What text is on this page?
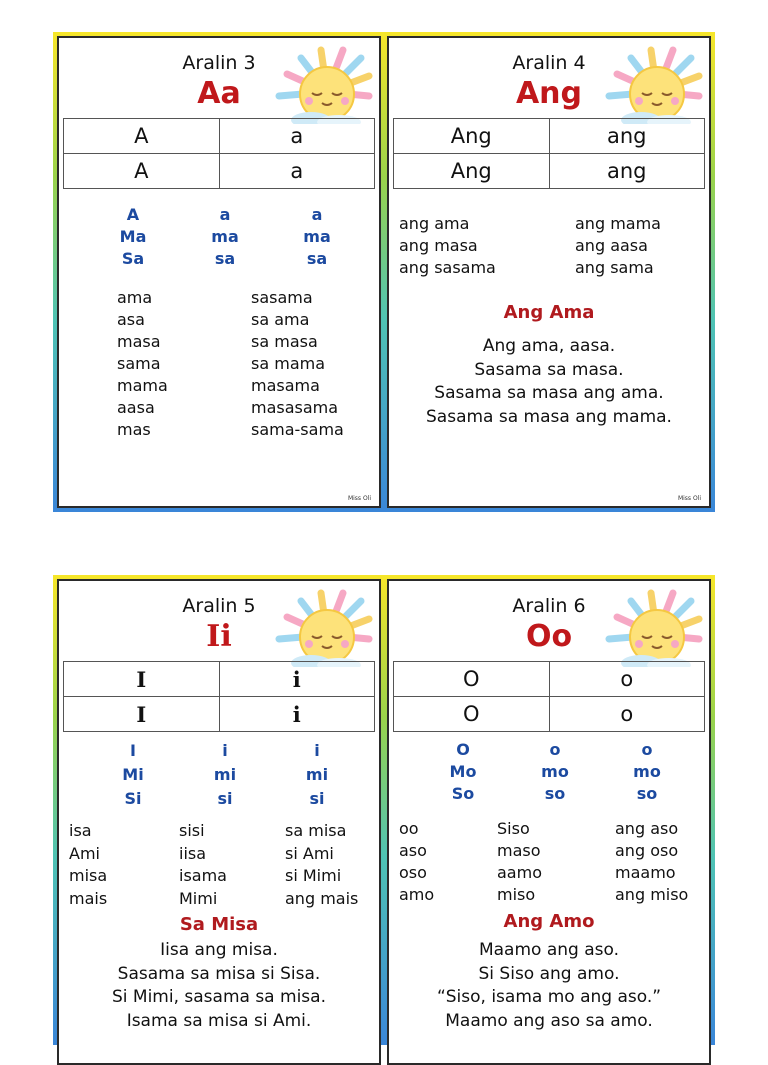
Aralin 3
Aa
A	a
A	a
A	a	a
Ma	ma	ma
Sa	sa	sa
ama	sasama
asa	sa ama
masa	sa masa
sama	sa mama
mama	masama
aasa	masasama
mas	sama-sama
Miss Oli
Aralin 4
Ang
Ang	ang
Ang	ang
ang ama	ang mama
ang masa	ang aasa
ang sasama	ang sama
Ang Ama
Ang ama, aasa.
Sasama sa masa.
Sasama sa masa ang ama.
Sasama sa masa ang mama.
Miss Oli
Aralin 5
Ii
I	i
I	i
I	i	i
Mi	mi	mi
Si	si	si
isa	sisi	sa misa
Ami	iisa	si Ami
misa	isama	si Mimi
mais	Mimi	ang mais
Sa Misa
Iisa ang misa.
Sasama sa misa si Sisa.
Si Mimi, sasama sa misa.
Isama sa misa si Ami.
Aralin 6
Oo
O	o
O	o
O	o	o
Mo	mo	mo
So	so	so
oo	Siso	ang aso
aso	maso	ang oso
oso	aamo	maamo
amo	miso	ang miso
Ang Amo
Maamo ang aso.
Si Siso ang amo.
“Siso, isama mo ang aso.”
Maamo ang aso sa amo.
